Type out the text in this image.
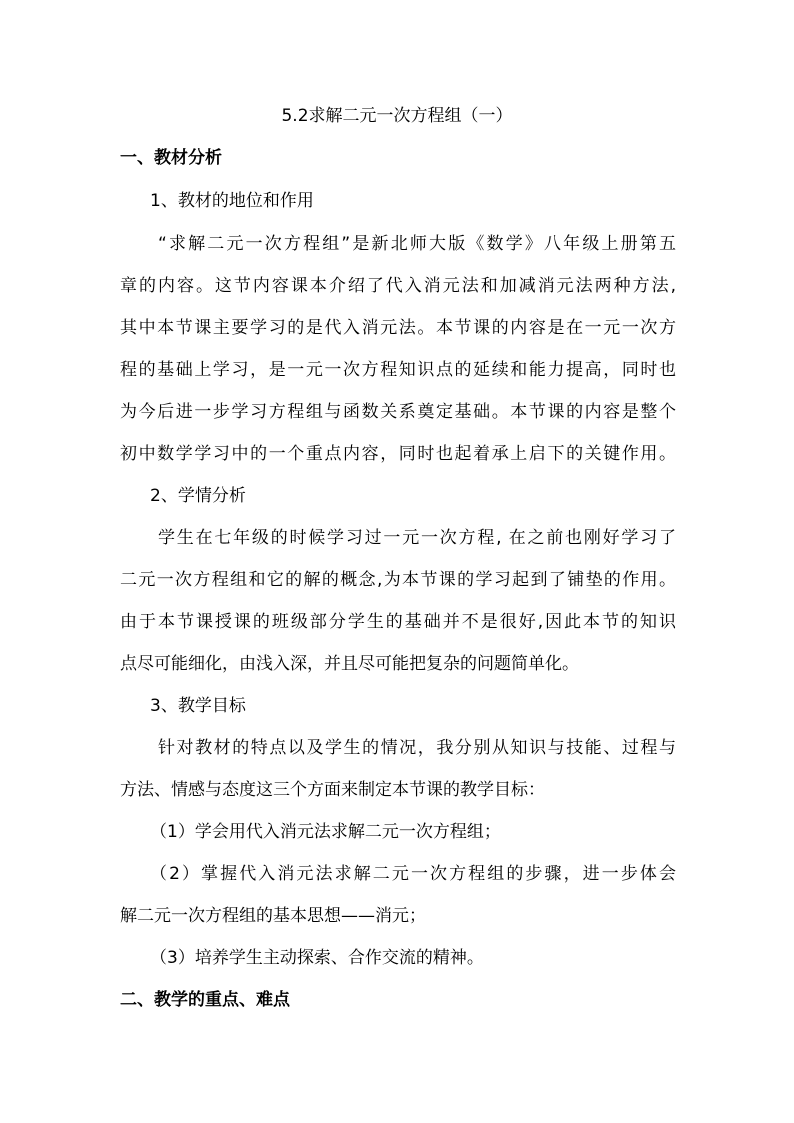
5.2求解二元一次方程组（一）
一、教材分析
1、教材的地位和作用
“求解二元一次方程组”是新北师大版《数学》八年级上册第五
章的内容。这节内容课本介绍了代入消元法和加减消元法两种方法,
其中本节课主要学习的是代入消元法。本节课的内容是在一元一次方
程的基础上学习，是一元一次方程知识点的延续和能力提高，同时也
为今后进一步学习方程组与函数关系奠定基础。本节课的内容是整个
初中数学学习中的一个重点内容，同时也起着承上启下的关键作用。
2、学情分析
学生在七年级的时候学习过一元一次方程, 在之前也刚好学习了
二元一次方程组和它的解的概念,为本节课的学习起到了铺垫的作用。
由于本节课授课的班级部分学生的基础并不是很好,因此本节的知识
点尽可能细化，由浅入深，并且尽可能把复杂的问题简单化。
3、教学目标
针对教材的特点以及学生的情况，我分别从知识与技能、过程与
方法、情感与态度这三个方面来制定本节课的教学目标：
（1）学会用代入消元法求解二元一次方程组；
（2）掌握代入消元法求解二元一次方程组的步骤，进一步体会
解二元一次方程组的基本思想——消元；
（3）培养学生主动探索、合作交流的精神。
二、教学的重点、难点
